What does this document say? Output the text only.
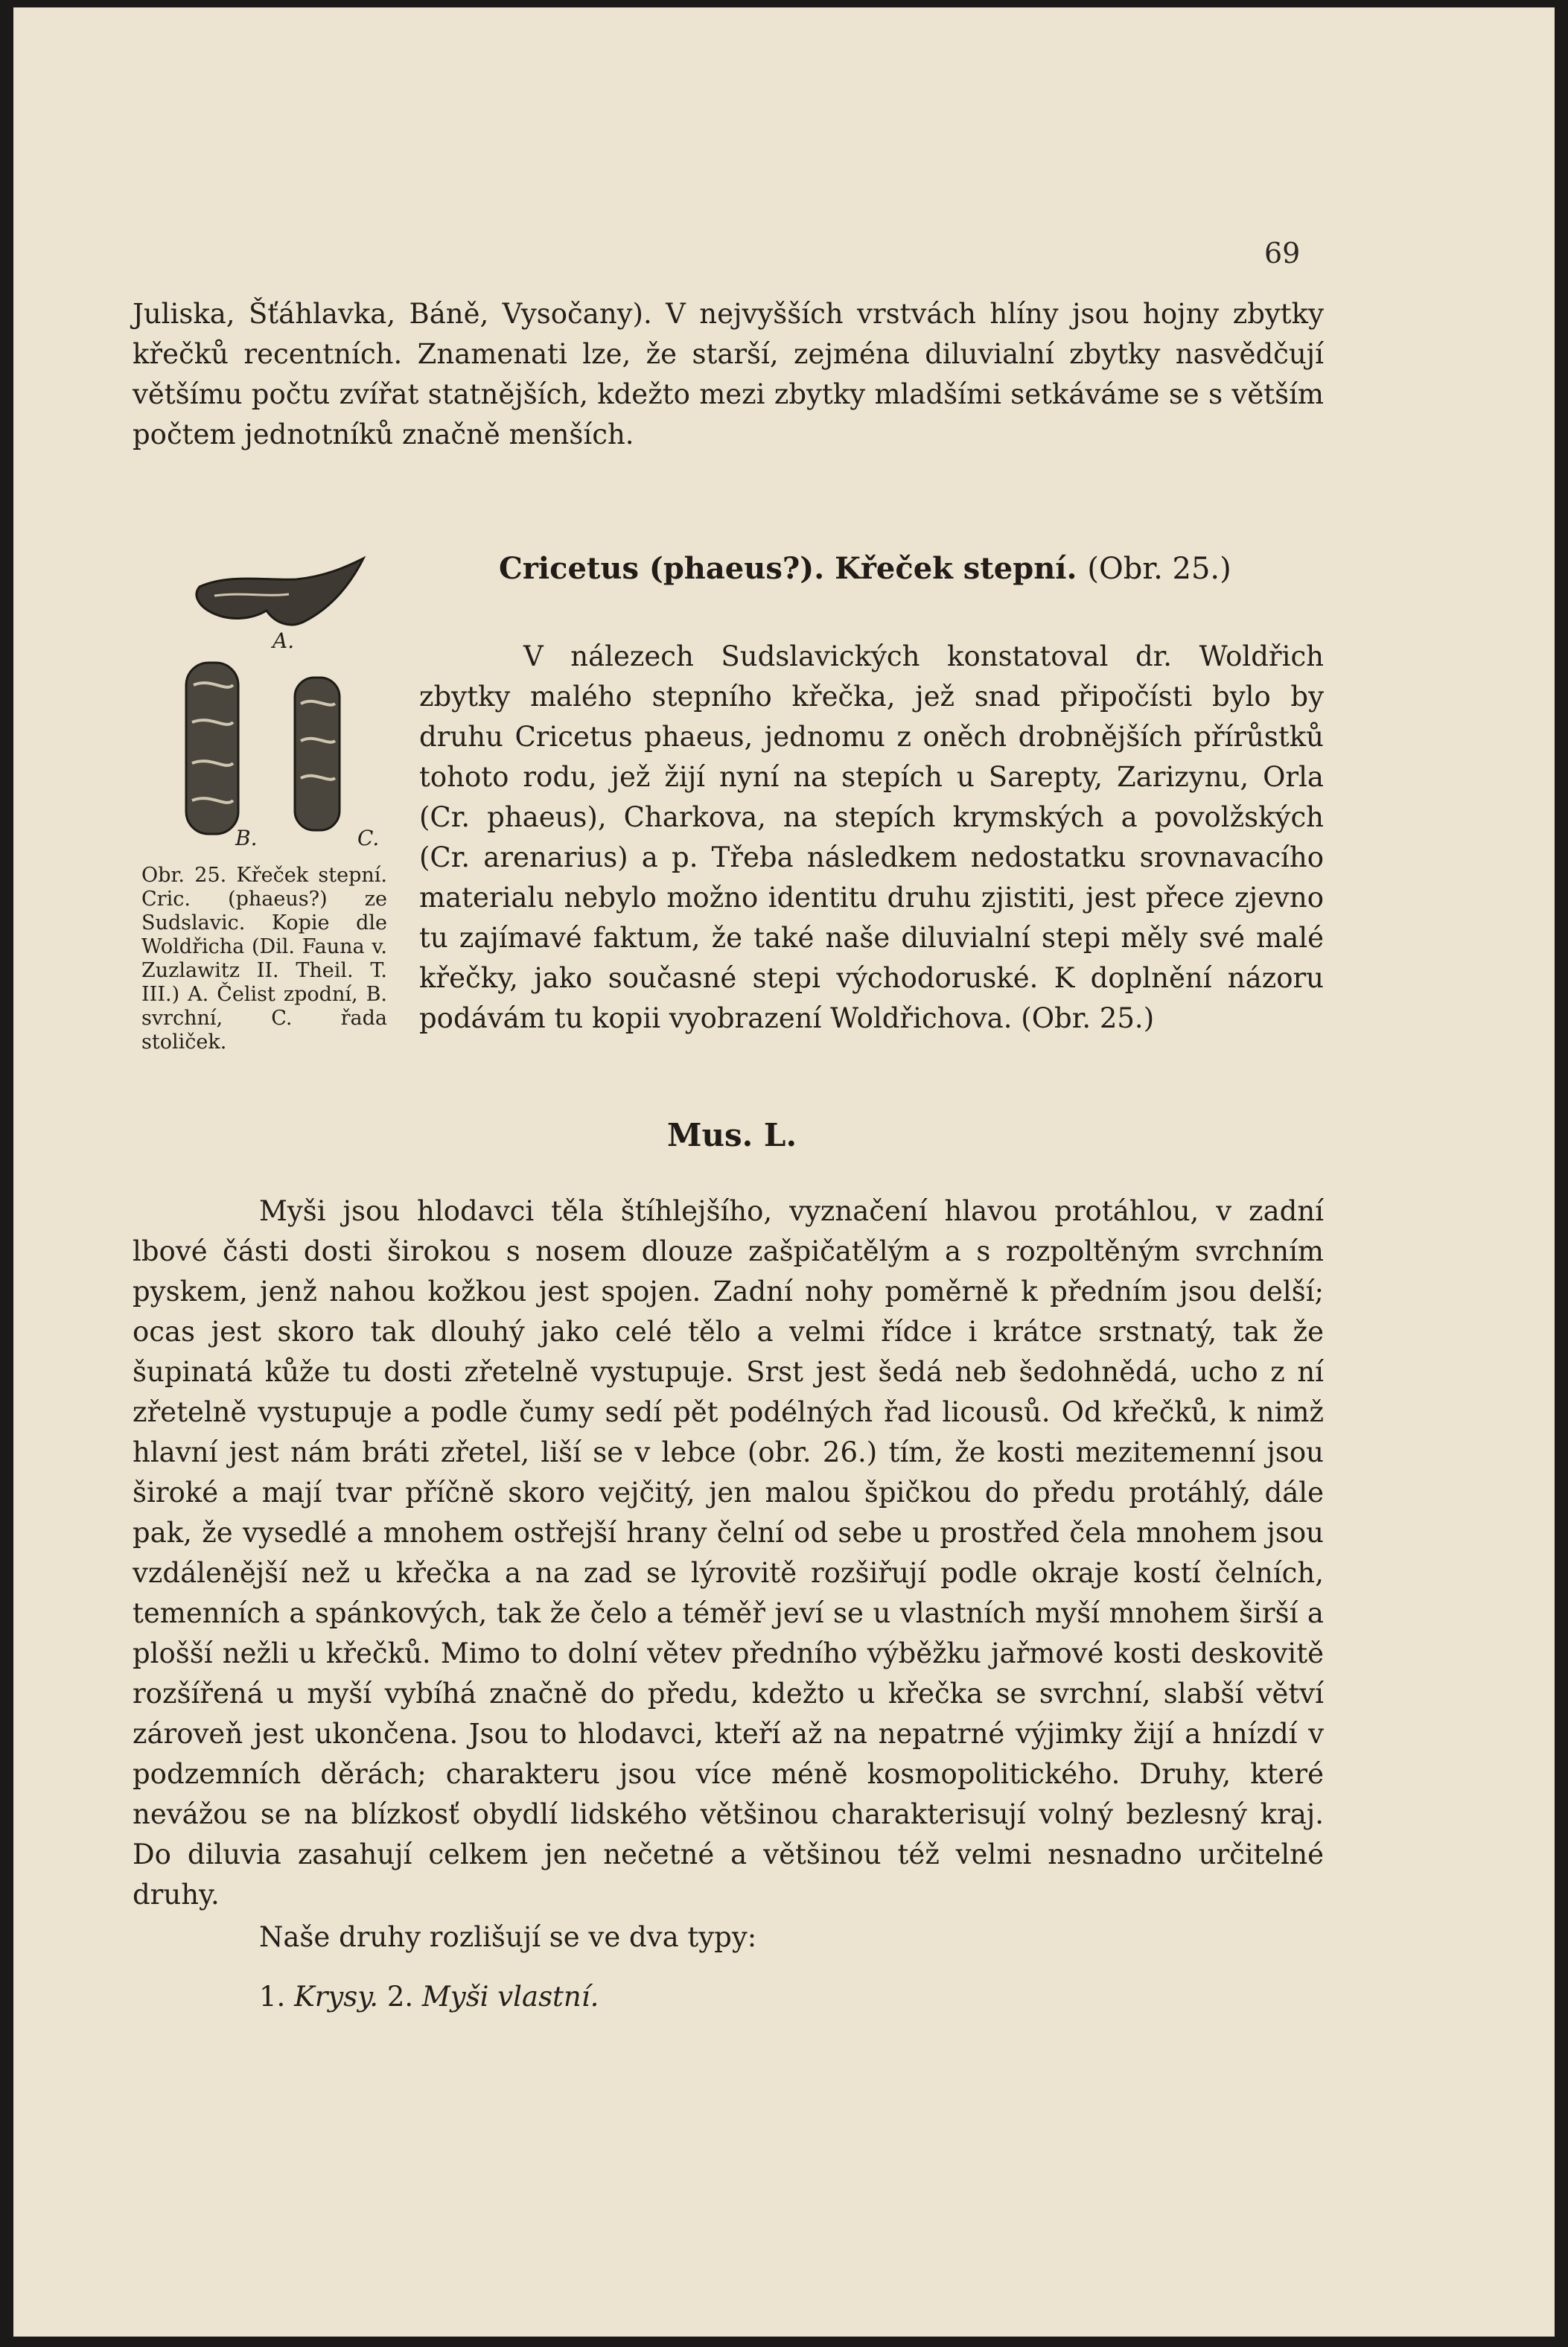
69

Juliska, Šťáhlavka, Báně, Vysočany). V nejvyšších vrstvách hlíny jsou hojny zbytky křečků recentních. Znamenati lze, že starší, zejména diluvialní zbytky nasvědčují většímu počtu zvířat statnějších, kdežto mezi zbytky mladšími setkáváme se s větším počtem jednotníků značně menších.

Cricetus (phaeus?). Křeček stepní. (Obr. 25.)

V nálezech Sudslavických konstatoval dr. Woldřich zbytky malého stepního křečka, jež snad připočísti bylo by druhu Cricetus phaeus, jednomu z oněch drobnějších přírůstků tohoto rodu, jež žijí nyní na stepích u Sarepty, Zarizynu, Orla (Cr. phaeus), Charkova, na stepích krymských a povolžských (Cr. arenarius) a p. Třeba následkem nedostatku srovnavacího materialu nebylo možno identitu druhu zjistiti, jest přece zjevno tu zajímavé faktum, že také naše diluvialní stepi měly své malé křečky, jako současné stepi východoruské. K doplnění názoru podávám tu kopii vyobrazení Woldřichova. (Obr. 25.)

A.
B.	C.

Obr. 25. Křeček stepní. Cric. (phaeus?) ze Sudslavic. Kopie dle Woldřicha (Dil. Fauna v. Zuzlawitz II. Theil. T. III.) A. Čelist zpodní, B. svrchní, C. řada stoliček.

Mus. L.

Myši jsou hlodavci těla štíhlejšího, vyznačení hlavou protáhlou, v zadní lbové části dosti širokou s nosem dlouze zašpičatělým a s rozpoltěným svrchním pyskem, jenž nahou kožkou jest spojen. Zadní nohy poměrně k předním jsou delší; ocas jest skoro tak dlouhý jako celé tělo a velmi řídce i krátce srstnatý, tak že šupinatá kůže tu dosti zřetelně vystupuje. Srst jest šedá neb šedohnědá, ucho z ní zřetelně vystupuje a podle čumy sedí pět podélných řad licousů. Od křečků, k nimž hlavní jest nám bráti zřetel, liší se v lebce (obr. 26.) tím, že kosti mezitemenní jsou široké a mají tvar příčně skoro vejčitý, jen malou špičkou do předu protáhlý, dále pak, že vysedlé a mnohem ostřejší hrany čelní od sebe u prostřed čela mnohem jsou vzdálenější než u křečka a na zad se lýrovitě rozšiřují podle okraje kostí čelních, temenních a spánkových, tak že čelo a téměř jeví se u vlastních myší mnohem širší a plošší nežli u křečků. Mimo to dolní větev předního výběžku jařmové kosti deskovitě rozšířená u myší vybíhá značně do předu, kdežto u křečka se svrchní, slabší větví zároveň jest ukončena. Jsou to hlodavci, kteří až na nepatrné výjimky žijí a hnízdí v podzemních děrách; charakteru jsou více méně kosmopolitického. Druhy, které nevážou se na blízkosť obydlí lidského většinou charakterisují volný bezlesný kraj. Do diluvia zasahují celkem jen nečetné a většinou též velmi nesnadno určitelné druhy.

Naše druhy rozlišují se ve dva typy:

1. Krysy. 2. Myši vlastní.
